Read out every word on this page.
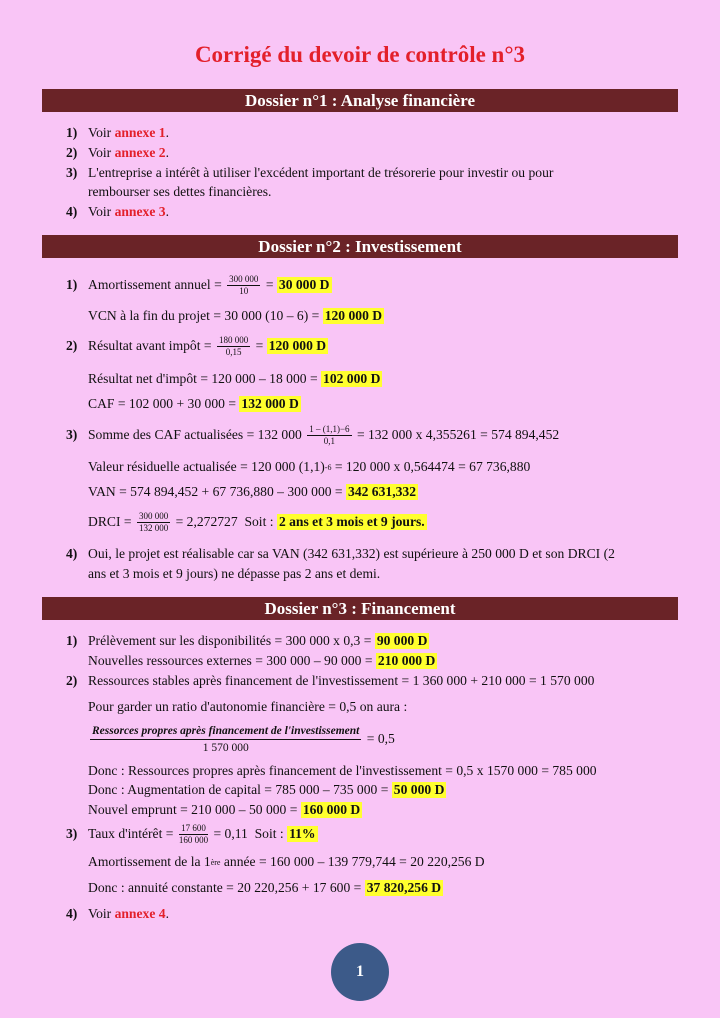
Corrigé du devoir de contrôle n°3
Dossier n°1 : Analyse financière
1) Voir annexe 1 .
2) Voir annexe 2 .
3) L'entreprise a intérêt à utiliser l'excédent important de trésorerie pour investir ou pour
rembourser ses dettes financières.
4) Voir annexe 3 .
Dossier n°2 : Investissement
1) Amortissement annuel = $\frac{300 000}{10} = 30$ 000 D
VCN à la fin du projet = 30 000 (10 – 6) = 120 000 D
2) Résultat avant impôt = $\frac{180 000}{0,15} = 120$ 000 D
Résultat net d'impôt = 120 000 – 18 000 = 102 000 D
CAF = 102 000 + 30 000 = 132 000 D
3) Somme des CAF actualisées = 132 $000 \frac{1 - (1,1)-6}{0,1} = 132$ 000 x 4,355261 = 574 894,452
Valeur résiduelle actualisée = 120 000 (1,1) -6 = 120 000 x 0,564474 = 67 736,880
VAN = 574 894,452 + 67 736,880 – 300 000 = 342 631,332
DRCI = $\frac{300 000}{132 000} = 2,272727$  Soit : 2 ans et 3 mois et 9 jours.
4) Oui, le projet est réalisable car sa VAN (342 631,332) est supérieure à 250 000 D et son DRCI (2
ans et 3 mois et 9 jours) ne dépasse pas 2 ans et demi.
Dossier n°3 : Financement
1) Prélèvement sur les disponibilités = 300 000 x 0,3 = 90 000 D
Nouvelles ressources externes = 300 000 – 90 000 = 210 000 D
2) Ressources stables après financement de l'investissement = 1 360 000 + 210 000 = 1 570 000
Pour garder un ratio d'autonomie financière = 0,5 on aura :
$\frac{\text{Ressorces propres après financement de l'investissement}}{1 570 000} = 0,5$
Donc : Ressources propres après financement de l'investissement = 0,5 x 1570 000 = 785 000
Donc : Augmentation de capital = 785 000 – 735 000 = 50 000 D
Nouvel emprunt = 210 000 – 50 000 = 160 000 D
3) Taux d'intérêt = $\frac{17 600}{160 000} = 0,11$  Soit : 11%
Amortissement de la 1 ère année = 160 000 – 139 779,744 = 20 220,256 D
Donc : annuité constante = 20 220,256 + 17 600 = 37 820,256 D
4) Voir annexe 4 .
1
